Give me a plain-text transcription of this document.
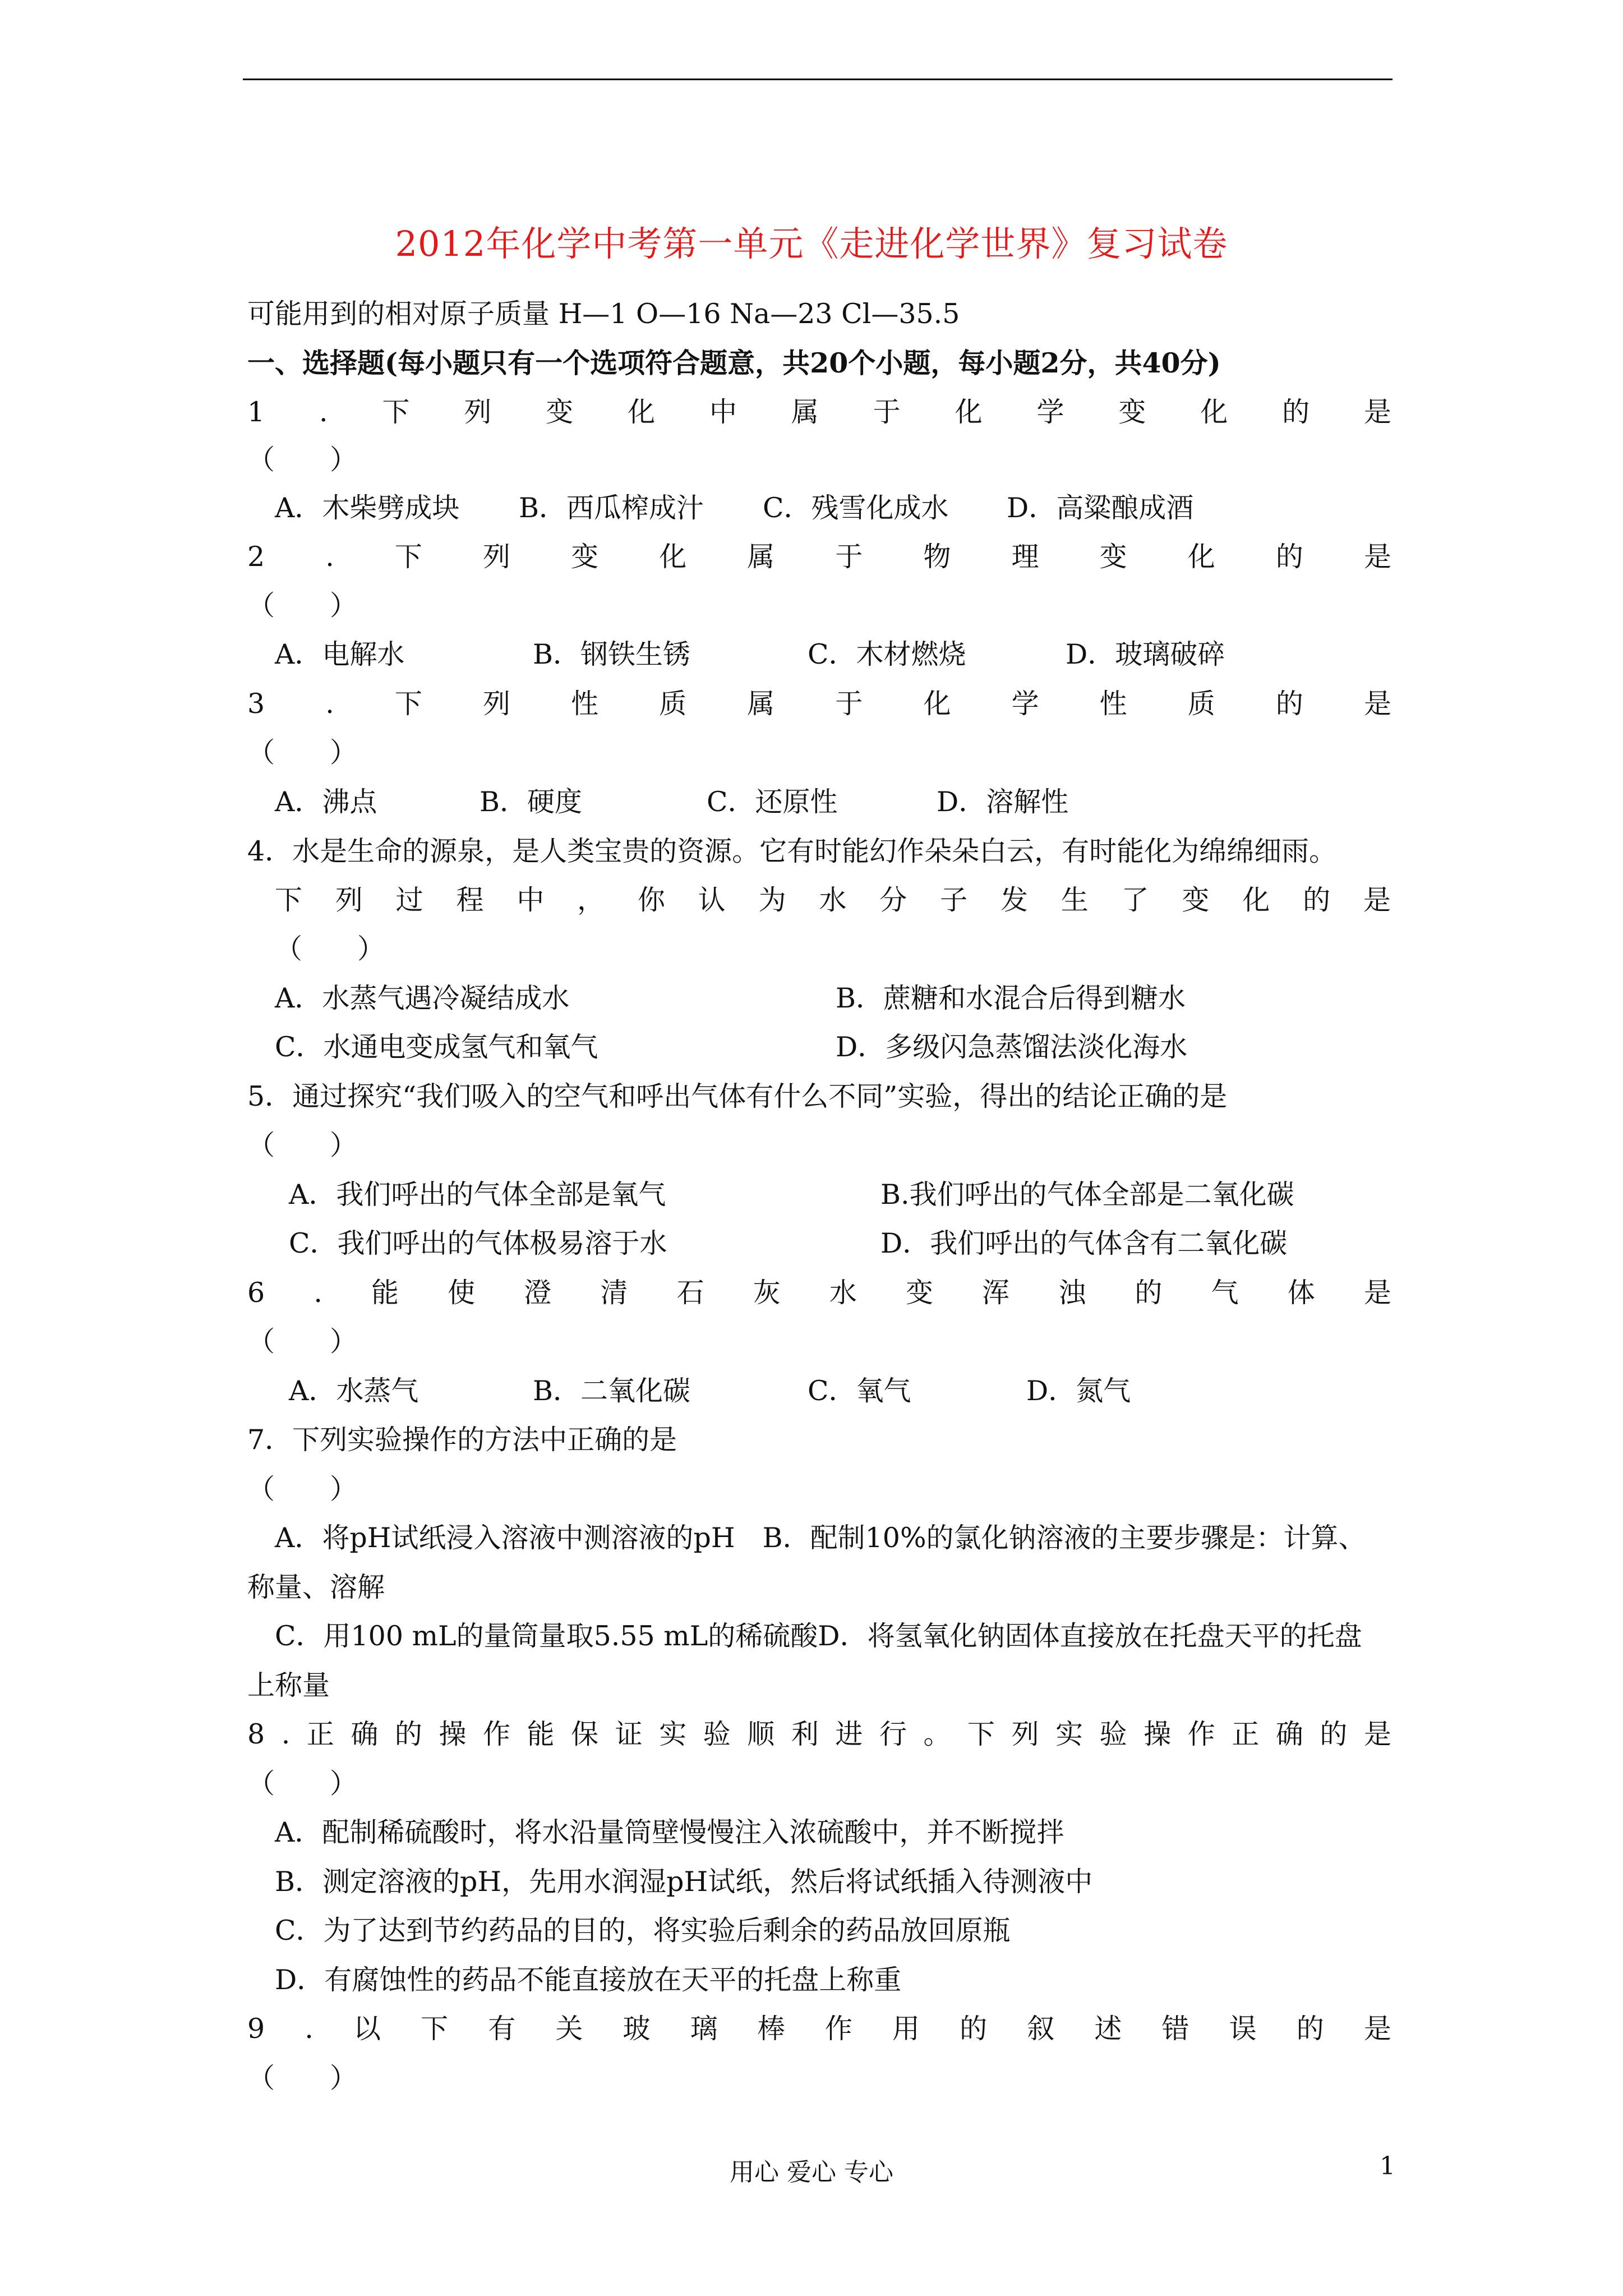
2012年化学中考第一单元《走进化学世界》复习试卷
可能用到的相对原子质量 H—1 O—16 Na—23 Cl—35.5
一、选择题(每小题只有一个选项符合题意，共20个小题，每小题2分，共40分)
1 . 下 列 变 化 中 属 于 化 学 变 化 的 是
（　　）
A．木柴劈成块 B．西瓜榨成汁 C．残雪化成水 D．高粱酿成酒
2 . 下 列 变 化 属 于 物 理 变 化 的 是
（　　）
A．电解水	B．钢铁生锈	C．木材燃烧	D．玻璃破碎
3 . 下 列 性 质 属 于 化 学 性 质 的 是
（　　）
A．沸点	B．硬度	C．还原性	D．溶解性
4．水是生命的源泉，是人类宝贵的资源。它有时能幻作朵朵白云，有时能化为绵绵细雨。
下 列 过 程 中 ， 你 认 为 水 分 子 发 生 了 变 化 的 是
（　　）
A．水蒸气遇冷凝结成水	B．蔗糖和水混合后得到糖水
C．水通电变成氢气和氧气	D．多级闪急蒸馏法淡化海水
5．通过探究“我们吸入的空气和呼出气体有什么不同”实验，得出的结论正确的是
（　　）
A．我们呼出的气体全部是氧气	B.我们呼出的气体全部是二氧化碳
C．我们呼出的气体极易溶于水	D．我们呼出的气体含有二氧化碳
6 . 能 使 澄 清 石 灰 水 变 浑 浊 的 气 体 是
（　　）
A．水蒸气	B．二氧化碳	C．氧气	D．氮气
7．下列实验操作的方法中正确的是
（　　）
A．将pH试纸浸入溶液中测溶液的pH　B．配制10%的氯化钠溶液的主要步骤是：计算、
称量、溶解
C．用100 mL的量筒量取5.55 mL的稀硫酸D．将氢氧化钠固体直接放在托盘天平的托盘
上称量
8 . 正 确 的 操 作 能 保 证 实 验 顺 利 进 行 。 下 列 实 验 操 作 正 确 的 是
（　　）
A．配制稀硫酸时，将水沿量筒壁慢慢注入浓硫酸中，并不断搅拌
B．测定溶液的pH，先用水润湿pH试纸，然后将试纸插入待测液中
C．为了达到节约药品的目的，将实验后剩余的药品放回原瓶
D．有腐蚀性的药品不能直接放在天平的托盘上称重
9 . 以 下 有 关 玻 璃 棒 作 用 的 叙 述 错 误 的 是
（　　）
用心 爱心 专心	1
